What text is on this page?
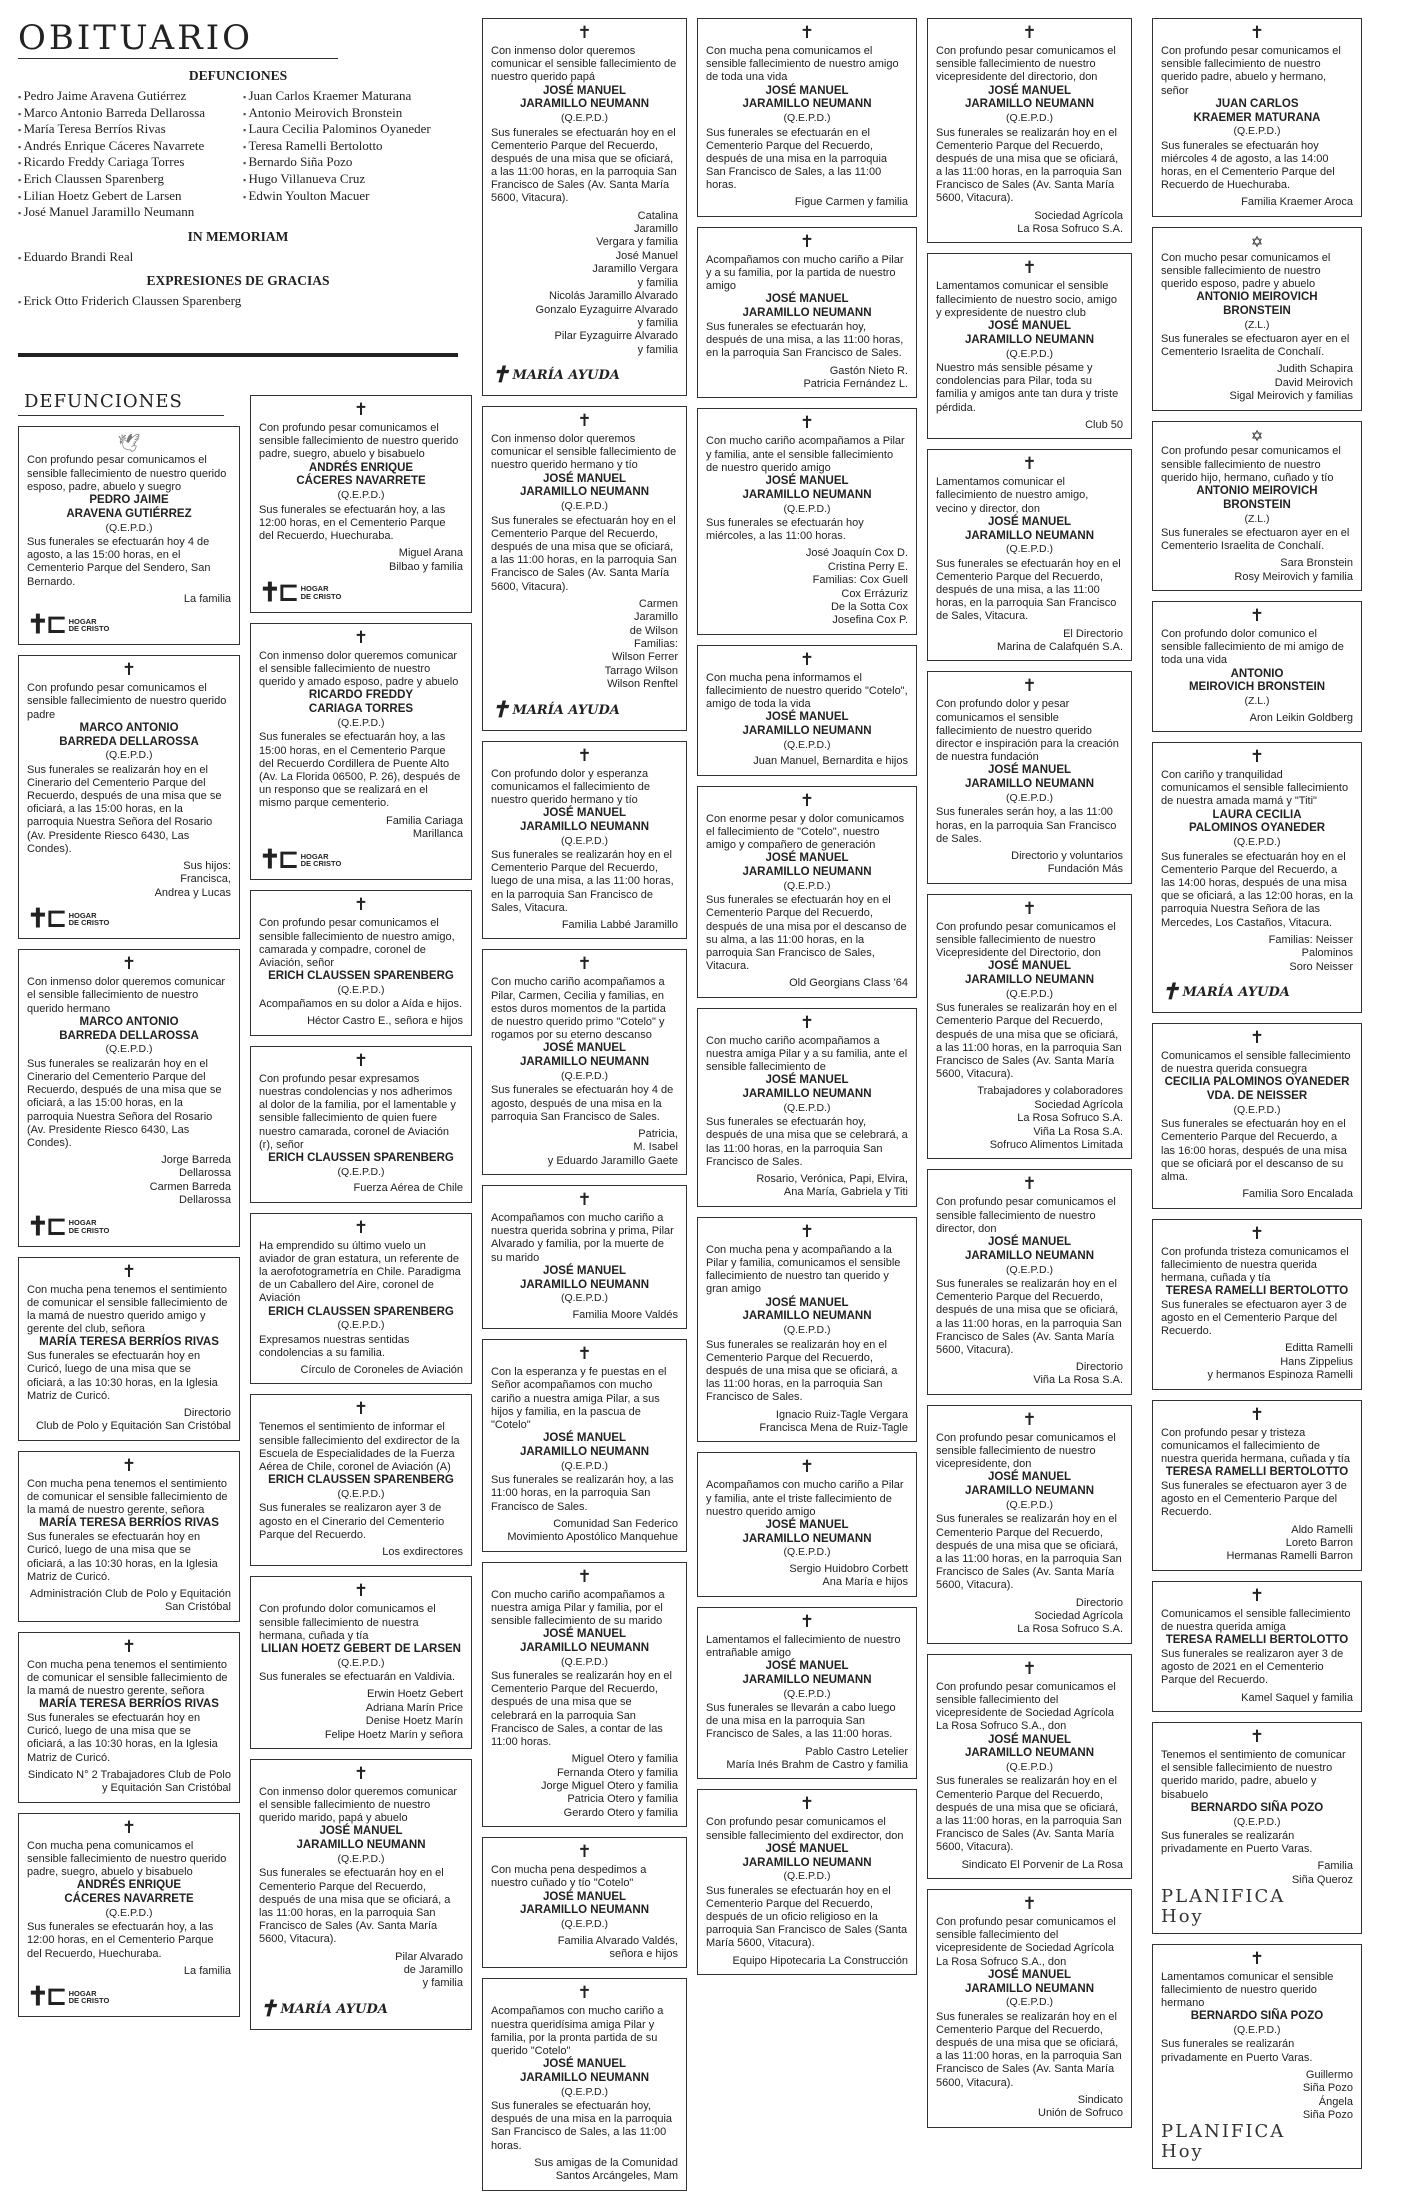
OBITUARIO
DEFUNCIONES
🕊
Con profundo pesar comunicamos el sensible fallecimiento de nuestro querido esposo, padre, abuelo y suegro
PEDRO JAIME
ARAVENA GUTIÉRREZ
(Q.E.P.D.)
Sus funerales se efectuarán hoy 4 de agosto, a las 15:00 horas, en el Cementerio Parque del Sendero, San Bernardo.
La familia
✝⊏ HOGAR
DE CRISTO
✝
Con profundo pesar comunicamos el sensible fallecimiento de nuestro querido padre
MARCO ANTONIO
BARREDA DELLAROSSA
(Q.E.P.D.)
Sus funerales se realizarán hoy en el Cinerario del Cementerio Parque del Recuerdo, después de una misa que se oficiará, a las 15:00 horas, en la parroquia Nuestra Señora del Rosario (Av. Presidente Riesco 6430, Las Condes).
Sus hijos:
Francisca,
Andrea y Lucas
✝⊏ HOGAR
DE CRISTO
✝
Con inmenso dolor queremos comunicar el sensible fallecimiento de nuestro querido hermano
MARCO ANTONIO
BARREDA DELLAROSSA
(Q.E.P.D.)
Sus funerales se realizarán hoy en el Cinerario del Cementerio Parque del Recuerdo, después de una misa que se oficiará, a las 15:00 horas, en la parroquia Nuestra Señora del Rosario (Av. Presidente Riesco 6430, Las Condes).
Jorge Barreda
Dellarossa
Carmen Barreda
Dellarossa
✝⊏ HOGAR
DE CRISTO
✝
Con mucha pena tenemos el sentimiento de comunicar el sensible fallecimiento de la mamá de nuestro querido amigo y gerente del club, señora
MARÍA TERESA BERRÍOS RIVAS
Sus funerales se efectuarán hoy en Curicó, luego de una misa que se oficiará, a las 10:30 horas, en la Iglesia Matriz de Curicó.
Directorio
Club de Polo y Equitación San Cristóbal
✝
Con mucha pena tenemos el sentimiento de comunicar el sensible fallecimiento de la mamá de nuestro gerente, señora
MARÍA TERESA BERRÍOS RIVAS
Sus funerales se efectuarán hoy en Curicó, luego de una misa que se oficiará, a las 10:30 horas, en la Iglesia Matriz de Curicó.
Administración Club de Polo y Equitación
San Cristóbal
✝
Con mucha pena tenemos el sentimiento de comunicar el sensible fallecimiento de la mamá de nuestro gerente, señora
MARÍA TERESA BERRÍOS RIVAS
Sus funerales se efectuarán hoy en Curicó, luego de una misa que se oficiará, a las 10:30 horas, en la Iglesia Matriz de Curicó.
Sindicato N° 2 Trabajadores Club de Polo
y Equitación San Cristóbal
✝
Con mucha pena comunicamos el sensible fallecimiento de nuestro querido padre, suegro, abuelo y bisabuelo
ANDRÉS ENRIQUE
CÁCERES NAVARRETE
(Q.E.P.D.)
Sus funerales se efectuarán hoy, a las 12:00 horas, en el Cementerio Parque del Recuerdo, Huechuraba.
La familia
✝⊏ HOGAR
DE CRISTO
DEFUNCIONES
▪ Pedro Jaime Aravena Gutiérrez
▪ Marco Antonio Barreda Dellarossa
▪ María Teresa Berríos Rivas
▪ Andrés Enrique Cáceres Navarrete
▪ Ricardo Freddy Cariaga Torres
▪ Erich Claussen Sparenberg
▪ Lilian Hoetz Gebert de Larsen
▪ José Manuel Jaramillo Neumann
▪ Juan Carlos Kraemer Maturana
▪ Antonio Meirovich Bronstein
▪ Laura Cecilia Palominos Oyaneder
▪ Teresa Ramelli Bertolotto
▪ Bernardo Siña Pozo
▪ Hugo Villanueva Cruz
▪ Edwin Youlton Macuer
IN MEMORIAM
▪ Eduardo Brandi Real
EXPRESIONES DE GRACIAS
▪ Erick Otto Friderich Claussen Sparenberg
✝
Con profundo pesar comunicamos el sensible fallecimiento de nuestro querido padre, suegro, abuelo y bisabuelo
ANDRÉS ENRIQUE
CÁCERES NAVARRETE
(Q.E.P.D.)
Sus funerales se efectuarán hoy, a las 12:00 horas, en el Cementerio Parque del Recuerdo, Huechuraba.
Miguel Arana
Bilbao y familia
✝⊏ HOGAR
DE CRISTO
✝
Con inmenso dolor queremos comunicar el sensible fallecimiento de nuestro querido y amado esposo, padre y abuelo
RICARDO FREDDY
CARIAGA TORRES
(Q.E.P.D.)
Sus funerales se efectuarán hoy, a las 15:00 horas, en el Cementerio Parque del Recuerdo Cordillera de Puente Alto (Av. La Florida 06500, P. 26), después de un responso que se realizará en el mismo parque cementerio.
Familia Cariaga
Marillanca
✝⊏ HOGAR
DE CRISTO
✝
Con profundo pesar comunicamos el sensible fallecimiento de nuestro amigo, camarada y compadre, coronel de Aviación, señor
ERICH CLAUSSEN SPARENBERG
(Q.E.P.D.)
Acompañamos en su dolor a Aída e hijos.
Héctor Castro E., señora e hijos
✝
Con profundo pesar expresamos nuestras condolencias y nos adherimos al dolor de la familia, por el lamentable y sensible fallecimiento de quien fuere nuestro camarada, coronel de Aviación (r), señor
ERICH CLAUSSEN SPARENBERG
(Q.E.P.D.)
Fuerza Aérea de Chile
✝
Ha emprendido su último vuelo un aviador de gran estatura, un referente de la aerofotogrametría en Chile. Paradigma de un Caballero del Aire, coronel de Aviación
ERICH CLAUSSEN SPARENBERG
(Q.E.P.D.)
Expresamos nuestras sentidas condolencias a su familia.
Círculo de Coroneles de Aviación
✝
Tenemos el sentimiento de informar el sensible fallecimiento del exdirector de la Escuela de Especialidades de la Fuerza Aérea de Chile, coronel de Aviación (A)
ERICH CLAUSSEN SPARENBERG
(Q.E.P.D.)
Sus funerales se realizaron ayer 3 de agosto en el Cinerario del Cementerio Parque del Recuerdo.
Los exdirectores
✝
Con profundo dolor comunicamos el sensible fallecimiento de nuestra hermana, cuñada y tía
LILIAN HOETZ GEBERT DE LARSEN
(Q.E.P.D.)
Sus funerales se efectuarán en Valdivia.
Erwin Hoetz Gebert
Adriana Marín Price
Denise Hoetz Marín
Felipe Hoetz Marín y señora
✝
Con inmenso dolor queremos comunicar el sensible fallecimiento de nuestro querido marido, papá y abuelo
JOSÉ MANUEL
JARAMILLO NEUMANN
(Q.E.P.D.)
Sus funerales se efectuarán hoy en el Cementerio Parque del Recuerdo, después de una misa que se oficiará, a las 11:00 horas, en la parroquia San Francisco de Sales (Av. Santa María 5600, Vitacura).
Pilar Alvarado
de Jaramillo
y familia
✝ MARÍA AYUDA
✝
Con inmenso dolor queremos comunicar el sensible fallecimiento de nuestro querido papá
JOSÉ MANUEL
JARAMILLO NEUMANN
(Q.E.P.D.)
Sus funerales se efectuarán hoy en el Cementerio Parque del Recuerdo, después de una misa que se oficiará, a las 11:00 horas, en la parroquia San Francisco de Sales (Av. Santa María 5600, Vitacura).
Catalina
Jaramillo
Vergara y familia
José Manuel
Jaramillo Vergara
y familia
Nicolás Jaramillo Alvarado
Gonzalo Eyzaguirre Alvarado
y familia
Pilar Eyzaguirre Alvarado
y familia
✝ MARÍA AYUDA
✝
Con inmenso dolor queremos comunicar el sensible fallecimiento de nuestro querido hermano y tío
JOSÉ MANUEL
JARAMILLO NEUMANN
(Q.E.P.D.)
Sus funerales se efectuarán hoy en el Cementerio Parque del Recuerdo, después de una misa que se oficiará, a las 11:00 horas, en la parroquia San Francisco de Sales (Av. Santa María 5600, Vitacura).
Carmen
Jaramillo
de Wilson
Familias:
Wilson Ferrer
Tarrago Wilson
Wilson Renftel
✝ MARÍA AYUDA
✝
Con profundo dolor y esperanza comunicamos el fallecimiento de nuestro querido hermano y tío
JOSÉ MANUEL
JARAMILLO NEUMANN
(Q.E.P.D.)
Sus funerales se realizarán hoy en el Cementerio Parque del Recuerdo, luego de una misa, a las 11:00 horas, en la parroquia San Francisco de Sales, Vitacura.
Familia Labbé Jaramillo
✝
Con mucho cariño acompañamos a Pilar, Carmen, Cecilia y familias, en estos duros momentos de la partida de nuestro querido primo "Cotelo" y rogamos por su eterno descanso
JOSÉ MANUEL
JARAMILLO NEUMANN
(Q.E.P.D.)
Sus funerales se efectuarán hoy 4 de agosto, después de una misa en la parroquia San Francisco de Sales.
Patricia,
M. Isabel
y Eduardo Jaramillo Gaete
✝
Acompañamos con mucho cariño a nuestra querida sobrina y prima, Pilar Alvarado y familia, por la muerte de su marido
JOSÉ MANUEL
JARAMILLO NEUMANN
(Q.E.P.D.)
Familia Moore Valdés
✝
Con la esperanza y fe puestas en el Señor acompañamos con mucho cariño a nuestra amiga Pilar, a sus hijos y familia, en la pascua de "Cotelo"
JOSÉ MANUEL
JARAMILLO NEUMANN
(Q.E.P.D.)
Sus funerales se realizarán hoy, a las 11:00 horas, en la parroquia San Francisco de Sales.
Comunidad San Federico
Movimiento Apostólico Manquehue
✝
Con mucho cariño acompañamos a nuestra amiga Pilar y familia, por el sensible fallecimiento de su marido
JOSÉ MANUEL
JARAMILLO NEUMANN
(Q.E.P.D.)
Sus funerales se realizarán hoy en el Cementerio Parque del Recuerdo, después de una misa que se celebrará en la parroquia San Francisco de Sales, a contar de las 11:00 horas.
Miguel Otero y familia
Fernanda Otero y familia
Jorge Miguel Otero y familia
Patricia Otero y familia
Gerardo Otero y familia
✝
Con mucha pena despedimos a nuestro cuñado y tío "Cotelo"
JOSÉ MANUEL
JARAMILLO NEUMANN
(Q.E.P.D.)
Familia Alvarado Valdés,
señora e hijos
✝
Acompañamos con mucho cariño a nuestra queridísima amiga Pilar y familia, por la pronta partida de su querido "Cotelo"
JOSÉ MANUEL
JARAMILLO NEUMANN
(Q.E.P.D.)
Sus funerales se efectuarán hoy, después de una misa en la parroquia San Francisco de Sales, a las 11:00 horas.
Sus amigas de la Comunidad
Santos Arcángeles, Mam
✝
Con mucha pena comunicamos el sensible fallecimiento de nuestro amigo de toda una vida
JOSÉ MANUEL
JARAMILLO NEUMANN
(Q.E.P.D.)
Sus funerales se efectuarán en el Cementerio Parque del Recuerdo, después de una misa en la parroquia San Francisco de Sales, a las 11:00 horas.
Figue Carmen y familia
✝
Acompañamos con mucho cariño a Pilar y a su familia, por la partida de nuestro amigo
JOSÉ MANUEL
JARAMILLO NEUMANN
Sus funerales se efectuarán hoy, después de una misa, a las 11:00 horas, en la parroquia San Francisco de Sales.
Gastón Nieto R.
Patricia Fernández L.
✝
Con mucho cariño acompañamos a Pilar y familia, ante el sensible fallecimiento de nuestro querido amigo
JOSÉ MANUEL
JARAMILLO NEUMANN
(Q.E.P.D.)
Sus funerales se efectuarán hoy miércoles, a las 11:00 horas.
José Joaquín Cox D.
Cristina Perry E.
Familias: Cox Guell
Cox Errázuriz
De la Sotta Cox
Josefina Cox P.
✝
Con mucha pena informamos el fallecimiento de nuestro querido "Cotelo", amigo de toda la vida
JOSÉ MANUEL
JARAMILLO NEUMANN
(Q.E.P.D.)
Juan Manuel, Bernardita e hijos
✝
Con enorme pesar y dolor comunicamos el fallecimiento de "Cotelo", nuestro amigo y compañero de generación
JOSÉ MANUEL
JARAMILLO NEUMANN
(Q.E.P.D.)
Sus funerales se efectuarán hoy en el Cementerio Parque del Recuerdo, después de una misa por el descanso de su alma, a las 11:00 horas, en la parroquia San Francisco de Sales, Vitacura.
Old Georgians Class '64
✝
Con mucho cariño acompañamos a nuestra amiga Pilar y a su familia, ante el sensible fallecimiento de
JOSÉ MANUEL
JARAMILLO NEUMANN
(Q.E.P.D.)
Sus funerales se efectuarán hoy, después de una misa que se celebrará, a las 11:00 horas, en la parroquia San Francisco de Sales.
Rosario, Verónica, Papi, Elvira,
Ana María, Gabriela y Titi
✝
Con mucha pena y acompañando a la Pilar y familia, comunicamos el sensible fallecimiento de nuestro tan querido y gran amigo
JOSÉ MANUEL
JARAMILLO NEUMANN
(Q.E.P.D.)
Sus funerales se realizarán hoy en el Cementerio Parque del Recuerdo, después de una misa que se oficiará, a las 11:00 horas, en la parroquia San Francisco de Sales.
Ignacio Ruiz-Tagle Vergara
Francisca Mena de Ruiz-Tagle
✝
Acompañamos con mucho cariño a Pilar y familia, ante el triste fallecimiento de nuestro querido amigo
JOSÉ MANUEL
JARAMILLO NEUMANN
(Q.E.P.D.)
Sergio Huidobro Corbett
Ana María e hijos
✝
Lamentamos el fallecimiento de nuestro entrañable amigo
JOSÉ MANUEL
JARAMILLO NEUMANN
(Q.E.P.D.)
Sus funerales se llevarán a cabo luego de una misa en la parroquia San Francisco de Sales, a las 11:00 horas.
Pablo Castro Letelier
María Inés Brahm de Castro y familia
✝
Con profundo pesar comunicamos el sensible fallecimiento del exdirector, don
JOSÉ MANUEL
JARAMILLO NEUMANN
(Q.E.P.D.)
Sus funerales se efectuarán hoy en el Cementerio Parque del Recuerdo, después de un oficio religioso en la parroquia San Francisco de Sales (Santa María 5600, Vitacura).
Equipo Hipotecaria La Construcción
✝
Con profundo pesar comunicamos el sensible fallecimiento de nuestro vicepresidente del directorio, don
JOSÉ MANUEL
JARAMILLO NEUMANN
(Q.E.P.D.)
Sus funerales se realizarán hoy en el Cementerio Parque del Recuerdo, después de una misa que se oficiará, a las 11:00 horas, en la parroquia San Francisco de Sales (Av. Santa María 5600, Vitacura).
Sociedad Agrícola
La Rosa Sofruco S.A.
✝
Lamentamos comunicar el sensible fallecimiento de nuestro socio, amigo y expresidente de nuestro club
JOSÉ MANUEL
JARAMILLO NEUMANN
(Q.E.P.D.)
Nuestro más sensible pésame y condolencias para Pilar, toda su familia y amigos ante tan dura y triste pérdida.
Club 50
✝
Lamentamos comunicar el fallecimiento de nuestro amigo, vecino y director, don
JOSÉ MANUEL
JARAMILLO NEUMANN
(Q.E.P.D.)
Sus funerales se efectuarán hoy en el Cementerio Parque del Recuerdo, después de una misa, a las 11:00 horas, en la parroquia San Francisco de Sales, Vitacura.
El Directorio
Marina de Calafquén S.A.
✝
Con profundo dolor y pesar comunicamos el sensible fallecimiento de nuestro querido director e inspiración para la creación de nuestra fundación
JOSÉ MANUEL
JARAMILLO NEUMANN
(Q.E.P.D.)
Sus funerales serán hoy, a las 11:00 horas, en la parroquia San Francisco de Sales.
Directorio y voluntarios
Fundación Más
✝
Con profundo pesar comunicamos el sensible fallecimiento de nuestro Vicepresidente del Directorio, don
JOSÉ MANUEL
JARAMILLO NEUMANN
(Q.E.P.D.)
Sus funerales se realizarán hoy en el Cementerio Parque del Recuerdo, después de una misa que se oficiará, a las 11:00 horas, en la parroquia San Francisco de Sales (Av. Santa María 5600, Vitacura).
Trabajadores y colaboradores
Sociedad Agrícola
La Rosa Sofruco S.A.
Viña La Rosa S.A.
Sofruco Alimentos Limitada
✝
Con profundo pesar comunicamos el sensible fallecimiento de nuestro director, don
JOSÉ MANUEL
JARAMILLO NEUMANN
(Q.E.P.D.)
Sus funerales se realizarán hoy en el Cementerio Parque del Recuerdo, después de una misa que se oficiará, a las 11:00 horas, en la parroquia San Francisco de Sales (Av. Santa María 5600, Vitacura).
Directorio
Viña La Rosa S.A.
✝
Con profundo pesar comunicamos el sensible fallecimiento de nuestro vicepresidente, don
JOSÉ MANUEL
JARAMILLO NEUMANN
(Q.E.P.D.)
Sus funerales se realizarán hoy en el Cementerio Parque del Recuerdo, después de una misa que se oficiará, a las 11:00 horas, en la parroquia San Francisco de Sales (Av. Santa María 5600, Vitacura).
Directorio
Sociedad Agrícola
La Rosa Sofruco S.A.
✝
Con profundo pesar comunicamos el sensible fallecimiento del vicepresidente de Sociedad Agrícola La Rosa Sofruco S.A., don
JOSÉ MANUEL
JARAMILLO NEUMANN
(Q.E.P.D.)
Sus funerales se realizarán hoy en el Cementerio Parque del Recuerdo, después de una misa que se oficiará, a las 11:00 horas, en la parroquia San Francisco de Sales (Av. Santa María 5600, Vitacura).
Sindicato El Porvenir de La Rosa
✝
Con profundo pesar comunicamos el sensible fallecimiento del vicepresidente de Sociedad Agrícola La Rosa Sofruco S.A., don
JOSÉ MANUEL
JARAMILLO NEUMANN
(Q.E.P.D.)
Sus funerales se realizarán hoy en el Cementerio Parque del Recuerdo, después de una misa que se oficiará, a las 11:00 horas, en la parroquia San Francisco de Sales (Av. Santa María 5600, Vitacura).
Sindicato
Unión de Sofruco
✝
Con profundo pesar comunicamos el sensible fallecimiento de nuestro querido padre, abuelo y hermano, señor
JUAN CARLOS
KRAEMER MATURANA
(Q.E.P.D.)
Sus funerales se efectuarán hoy miércoles 4 de agosto, a las 14:00 horas, en el Cementerio Parque del Recuerdo de Huechuraba.
Familia Kraemer Aroca
✡
Con mucho pesar comunicamos el sensible fallecimiento de nuestro querido esposo, padre y abuelo
ANTONIO MEIROVICH BRONSTEIN
(Z.L.)
Sus funerales se efectuaron ayer en el Cementerio Israelita de Conchalí.
Judith Schapira
David Meirovich
Sigal Meirovich y familias
✡
Con profundo pesar comunicamos el sensible fallecimiento de nuestro querido hijo, hermano, cuñado y tío
ANTONIO MEIROVICH BRONSTEIN
(Z.L.)
Sus funerales se efectuaron ayer en el Cementerio Israelita de Conchalí.
Sara Bronstein
Rosy Meirovich y familia
✝
Con profundo dolor comunico el sensible fallecimiento de mi amigo de toda una vida
ANTONIO
MEIROVICH BRONSTEIN
(Z.L.)
Aron Leikin Goldberg
✝
Con cariño y tranquilidad comunicamos el sensible fallecimiento de nuestra amada mamá y "Titi"
LAURA CECILIA
PALOMINOS OYANEDER
(Q.E.P.D.)
Sus funerales se efectuarán hoy en el Cementerio Parque del Recuerdo, a las 14:00 horas, después de una misa que se oficiará, a las 12:00 horas, en la parroquia Nuestra Señora de las Mercedes, Los Castaños, Vitacura.
Familias: Neisser
Palominos
Soro Neisser
✝ MARÍA AYUDA
✝
Comunicamos el sensible fallecimiento de nuestra querida consuegra
CECILIA PALOMINOS OYANEDER
VDA. DE NEISSER
(Q.E.P.D.)
Sus funerales se efectuarán hoy en el Cementerio Parque del Recuerdo, a las 16:00 horas, después de una misa que se oficiará por el descanso de su alma.
Familia Soro Encalada
✝
Con profunda tristeza comunicamos el fallecimiento de nuestra querida hermana, cuñada y tía
TERESA RAMELLI BERTOLOTTO
Sus funerales se efectuaron ayer 3 de agosto en el Cementerio Parque del Recuerdo.
Editta Ramelli
Hans Zippelius
y hermanos Espinoza Ramelli
✝
Con profundo pesar y tristeza comunicamos el fallecimiento de nuestra querida hermana, cuñada y tía
TERESA RAMELLI BERTOLOTTO
Sus funerales se efectuaron ayer 3 de agosto en el Cementerio Parque del Recuerdo.
Aldo Ramelli
Loreto Barron
Hermanas Ramelli Barron
✝
Comunicamos el sensible fallecimiento de nuestra querida amiga
TERESA RAMELLI BERTOLOTTO
Sus funerales se realizaron ayer 3 de agosto de 2021 en el Cementerio Parque del Recuerdo.
Kamel Saquel y familia
✝
Tenemos el sentimiento de comunicar el sensible fallecimiento de nuestro querido marido, padre, abuelo y bisabuelo
BERNARDO SIÑA POZO
(Q.E.P.D.)
Sus funerales se realizarán privadamente en Puerto Varas.
Familia
Siña Queroz
PLANIFICA
Hoy
✝
Lamentamos comunicar el sensible fallecimiento de nuestro querido hermano
BERNARDO SIÑA POZO
(Q.E.P.D.)
Sus funerales se realizarán privadamente en Puerto Varas.
Guillermo
Siña Pozo
Ángela
Siña Pozo
PLANIFICA
Hoy
